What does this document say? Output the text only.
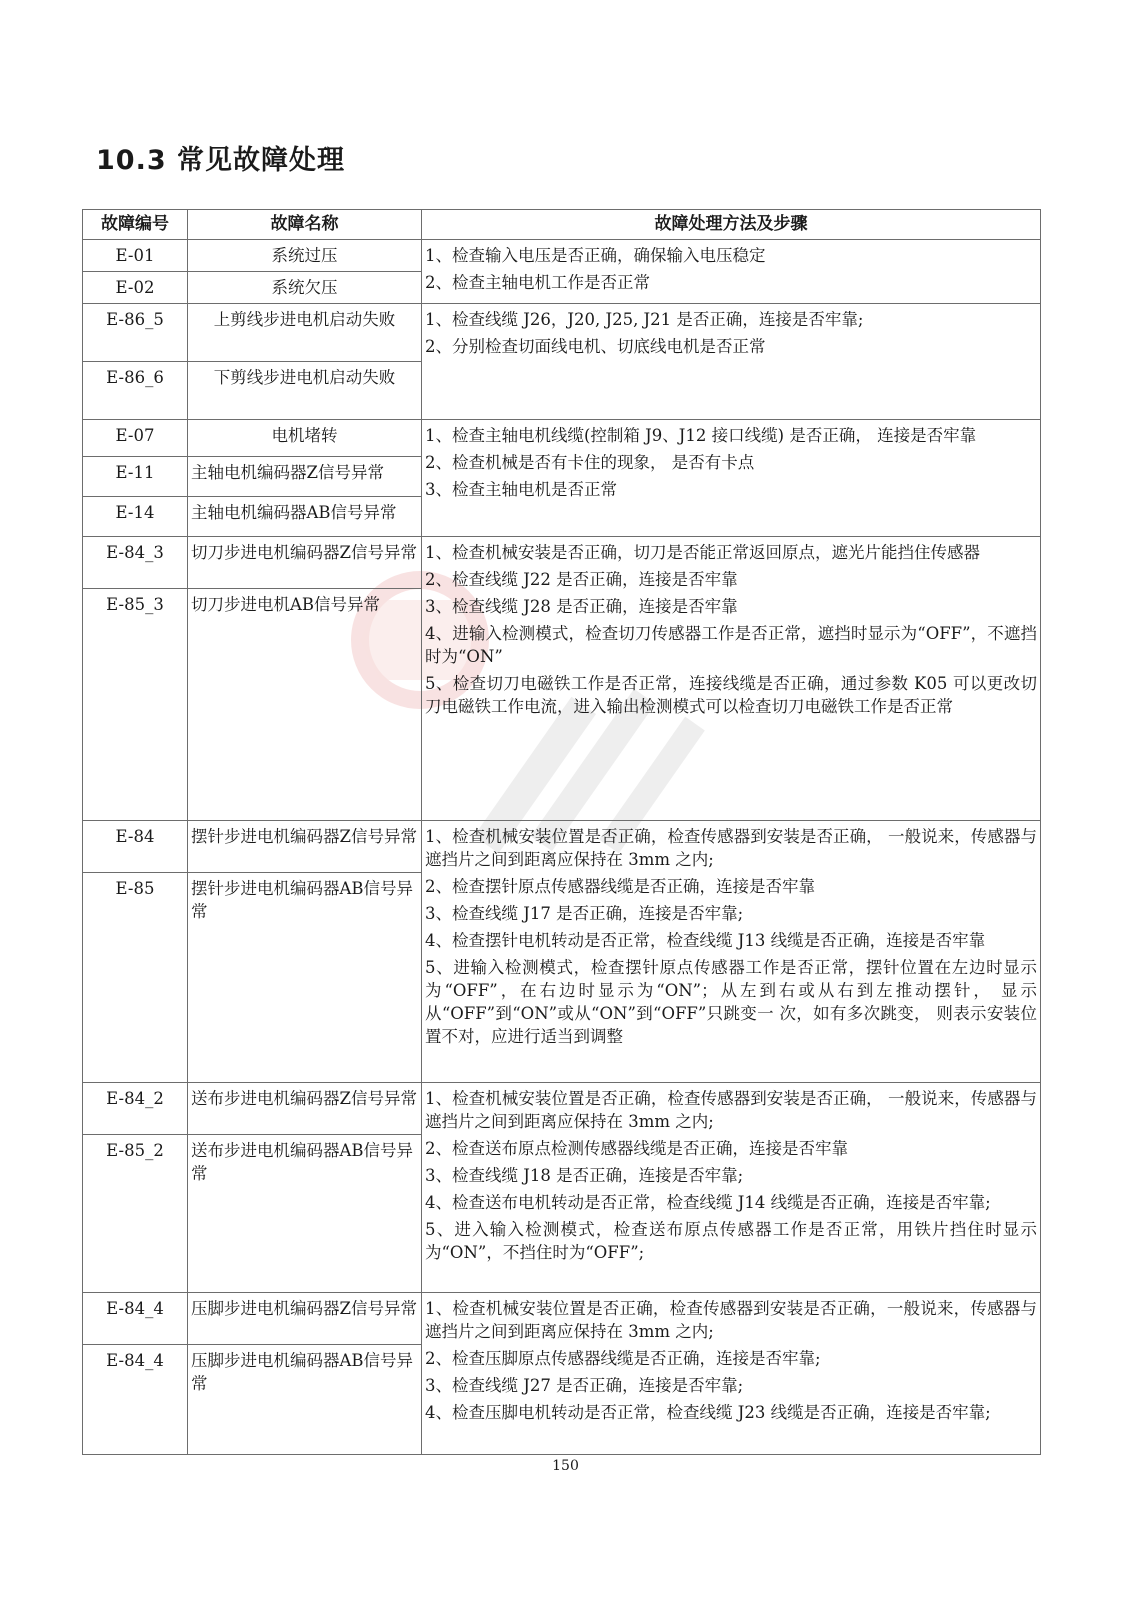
10.3 常见故障处理
故障编号	故障名称	故障处理方法及步骤
E-01	系统过压	1、检查输入电压是否正确，确保输入电压稳定

2、检查主轴电机工作是否正常

E-02	系统欠压	
E-86_5	上剪线步进电机启动失败	1、检查线缆 J26，J20, J25, J21 是否正确，连接是否牢靠;

2、分别检查切面线电机、切底线电机是否正常

E-86_6	下剪线步进电机启动失败	
E-07	电机堵转	1、检查主轴电机线缆(控制箱 J9、J12 接口线缆) 是否正确， 连接是否牢靠

2、检查机械是否有卡住的现象， 是否有卡点

3、检查主轴电机是否正常

E-11	主轴电机编码器Z信号异常	
E-14	主轴电机编码器AB信号异常	
E-84_3	切刀步进电机编码器Z信号异常	1、检查机械安装是否正确，切刀是否能正常返回原点，遮光片能挡住传感器

2、检查线缆 J22 是否正确，连接是否牢靠

3、检查线缆 J28 是否正确，连接是否牢靠

4、进输入检测模式，检查切刀传感器工作是否正常，遮挡时显示为“OFF”，不遮挡时为“ON”

5、检查切刀电磁铁工作是否正常，连接线缆是否正确，通过参数 K05 可以更改切刀电磁铁工作电流，进入输出检测模式可以检查切刀电磁铁工作是否正常

E-85_3	切刀步进电机AB信号异常	
E-84	摆针步进电机编码器Z信号异常	1、检查机械安装位置是否正确，检查传感器到安装是否正确， 一般说来，传感器与遮挡片之间到距离应保持在 3mm 之内;

2、检查摆针原点传感器线缆是否正确，连接是否牢靠

3、检查线缆 J17 是否正确，连接是否牢靠;

4、检查摆针电机转动是否正常，检查线缆 J13 线缆是否正确，连接是否牢靠

5、进输入检测模式，检查摆针原点传感器工作是否正常，摆针位置在左边时显示为“OFF”，在右边时显示为“ON”；从左到右或从右到左推动摆针， 显示从“OFF”到“ON”或从“ON”到“OFF”只跳变一 次，如有多次跳变， 则表示安装位置不对，应进行适当到调整

E-85	摆针步进电机编码器AB信号异常	
E-84_2	送布步进电机编码器Z信号异常	1、检查机械安装位置是否正确，检查传感器到安装是否正确， 一般说来，传感器与遮挡片之间到距离应保持在 3mm 之内;

2、检查送布原点检测传感器线缆是否正确，连接是否牢靠

3、检查线缆 J18 是否正确，连接是否牢靠;

4、检查送布电机转动是否正常，检查线缆 J14 线缆是否正确，连接是否牢靠;

5、进入输入检测模式，检查送布原点传感器工作是否正常，用铁片挡住时显示为“ON”，不挡住时为“OFF”;

E-85_2	送布步进电机编码器AB信号异常	
E-84_4	压脚步进电机编码器Z信号异常	1、检查机械安装位置是否正确，检查传感器到安装是否正确，一般说来，传感器与遮挡片之间到距离应保持在 3mm 之内;

2、检查压脚原点传感器线缆是否正确，连接是否牢靠;

3、检查线缆 J27 是否正确，连接是否牢靠;

4、检查压脚电机转动是否正常，检查线缆 J23 线缆是否正确，连接是否牢靠;

E-84_4	压脚步进电机编码器AB信号异常	
150
